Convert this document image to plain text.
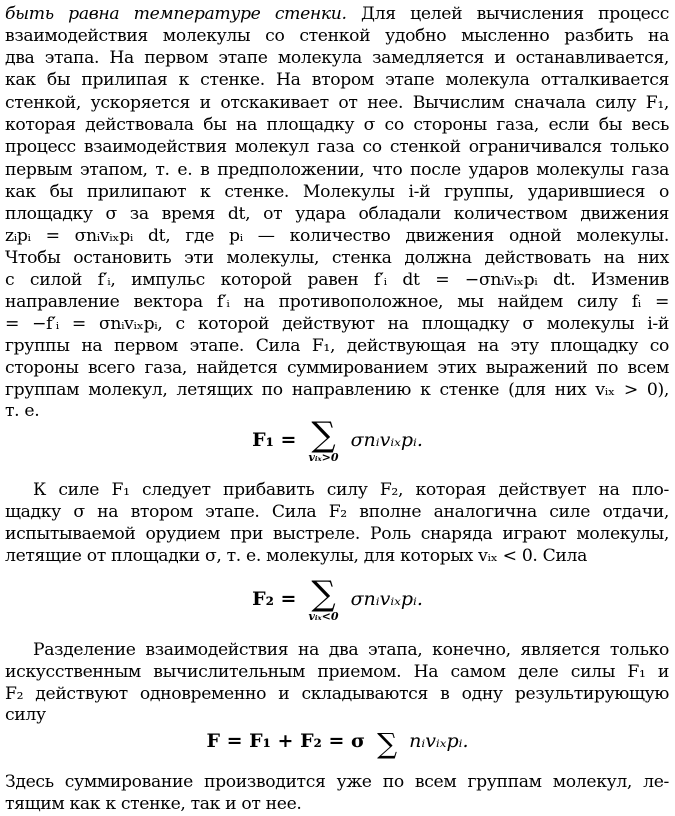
быть равна температуре стенки. Для целей вычисления процесс
взаимодействия молекулы со стенкой удобно мысленно разбить на
два этапа. На первом этапе молекула замедляется и останавливается,
как бы прилипая к стенке. На втором этапе молекула отталкивается
стенкой, ускоряется и отскакивает от нее. Вычислим сначала силу F₁,
которая действовала бы на площадку σ со стороны газа, если бы весь
процесс взаимодействия молекул газа со стенкой ограничивался только
первым этапом, т. е. в предположении, что после ударов молекулы газа
как бы прилипают к стенке. Молекулы i-й группы, ударившиеся о
площадку σ за время dt, от удара обладали количеством движения
zᵢpᵢ = σnᵢvᵢₓpᵢ dt, где pᵢ — количество движения одной молекулы.
Чтобы остановить эти молекулы, стенка должна действовать на них
с силой f′ᵢ, импульс которой равен f′ᵢ dt = −σnᵢvᵢₓpᵢ dt. Изменив
направление вектора f′ᵢ на противоположное, мы найдем силу fᵢ =
= −f′ᵢ = σnᵢvᵢₓpᵢ, с которой действуют на площадку σ молекулы i-й
группы на первом этапе. Сила F₁, действующая на эту площадку со
стороны всего газа, найдется суммированием этих выражений по всем
группам молекул, летящих по направлению к стенке (для них vᵢₓ > 0),
т. е.
F₁ = ∑
vᵢₓ>0
σnᵢvᵢₓpᵢ.
К силе F₁ следует прибавить силу F₂, которая действует на пло-
щадку σ на втором этапе. Сила F₂ вполне аналогична силе отдачи,
испытываемой орудием при выстреле. Роль снаряда играют молекулы,
летящие от площадки σ, т. е. молекулы, для которых vᵢₓ < 0. Сила
F₂ = ∑
vᵢₓ<0
σnᵢvᵢₓpᵢ.
Разделение взаимодействия на два этапа, конечно, является только
искусственным вычислительным приемом. На самом деле силы F₁ и
F₂ действуют одновременно и складываются в одну результирующую
силу
F = F₁ + F₂ = σ ∑ nᵢvᵢₓpᵢ.
Здесь суммирование производится уже по всем группам молекул, ле-
тящим как к стенке, так и от нее.
